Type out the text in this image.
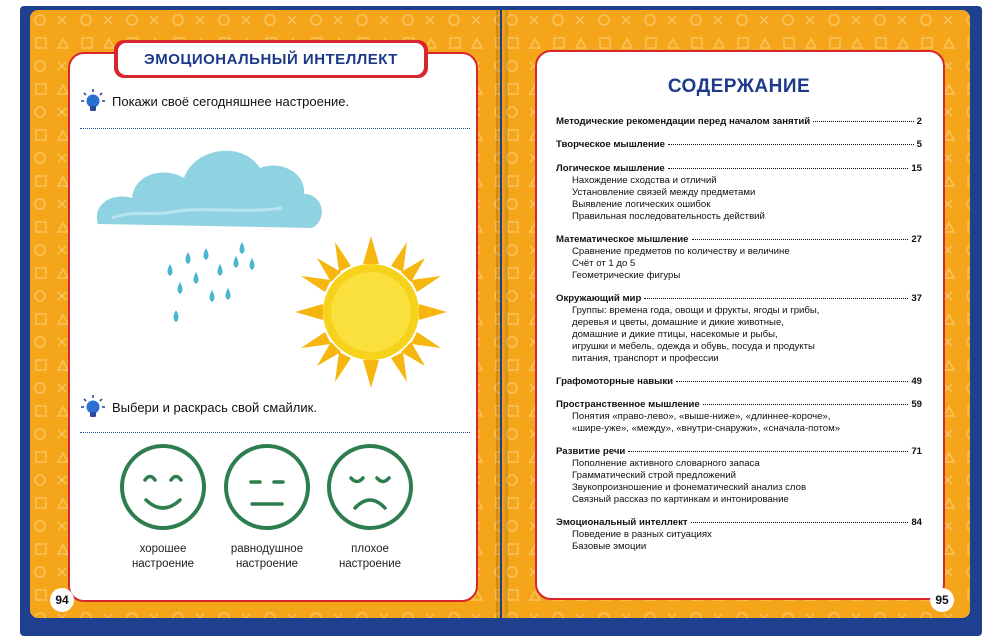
ЭМОЦИОНАЛЬНЫЙ ИНТЕЛЛЕКТ
Покажи своё сегодняшнее настроение.
Выбери и раскрась свой смайлик.
хорошее
настроение
равнодушное
настроение
плохое
настроение
94
СОДЕРЖАНИЕ
Методические рекомендации перед началом занятий	2
Творческое мышление	5
Логическое мышление	15
Нахождение сходства и отличий
Установление связей между предметами
Выявление логических ошибок
Правильная последовательность действий
Математическое мышление	27
Сравнение предметов по количеству и величине
Счёт от 1 до 5
Геометрические фигуры
Окружающий мир	37
Группы: времена года, овощи и фрукты, ягоды и грибы,
деревья и цветы, домашние и дикие животные,
домашние и дикие птицы, насекомые и рыбы,
игрушки и мебель, одежда и обувь, посуда и продукты
питания, транспорт и профессии
Графомоторные навыки	49
Пространственное мышление	59
Понятия «право-лево», «выше-ниже», «длиннее-короче»,
«шире-уже», «между», «внутри-снаружи», «сначала-потом»
Развитие речи	71
Пополнение активного словарного запаса
Грамматический строй предложений
Звукопроизношение и фонематический анализ слов
Связный рассказ по картинкам и интонирование
Эмоциональный интеллект	84
Поведение в разных ситуациях
Базовые эмоции
95
